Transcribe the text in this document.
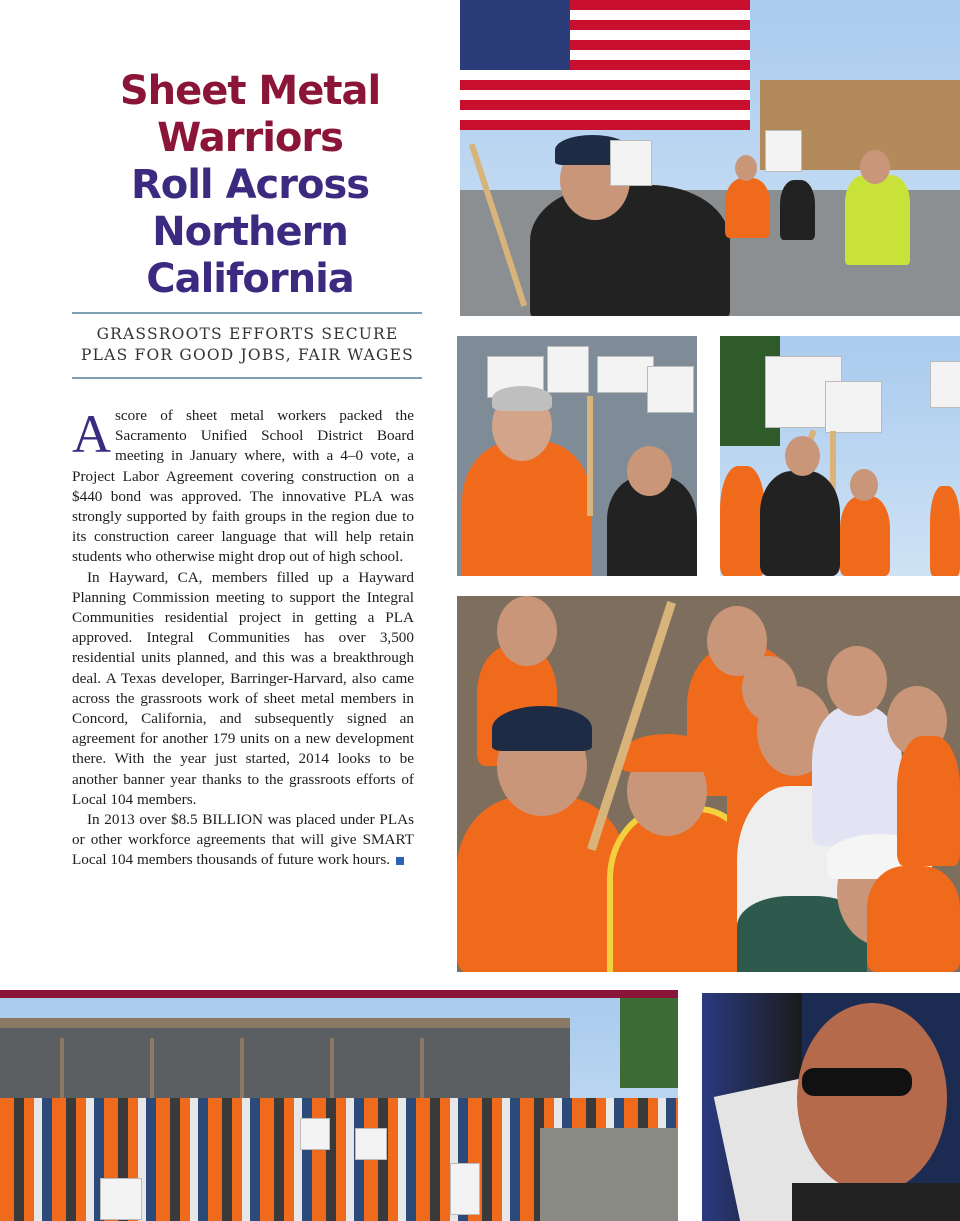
Sheet Metal
Warriors
Roll Across
Northern
California
GRASSROOTS EFFORTS SECURE
PLAS FOR GOOD JOBS, FAIR WAGES

A score of sheet metal workers packed the Sacramento Unified School District Board meeting in January where, with a 4–0 vote, a Project Labor Agreement covering construction on a $440 bond was approved. The innovative PLA was strongly supported by faith groups in the region due to its construction career language that will help retain students who otherwise might drop out of high school.

In Hayward, CA, members filled up a Hayward Planning Commission meeting to support the Integral Communities residential project in getting a PLA approved. Integral Communities has over 3,500 residential units planned, and this was a breakthrough deal. A Texas developer, Barringer-Harvard, also came across the grassroots work of sheet metal members in Concord, California, and subsequently signed an agreement for another 179 units on a new development there. With the year just started, 2014 looks to be another banner year thanks to the grassroots efforts of Local 104 members.

In 2013 over $8.5 BILLION was placed under PLAs or other workforce agreements that will give SMART Local 104 members thousands of future work hours.
